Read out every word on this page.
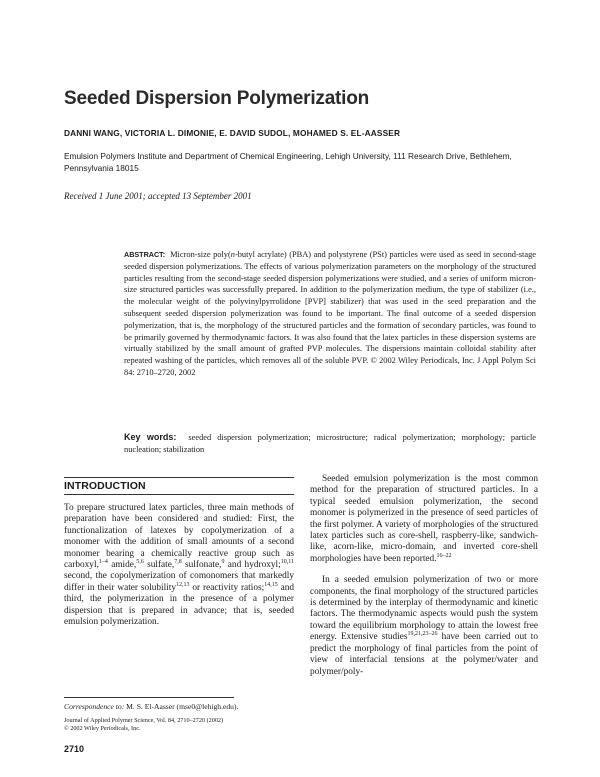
Seeded Dispersion Polymerization
DANNI WANG, VICTORIA L. DIMONIE, E. DAVID SUDOL, MOHAMED S. EL-AASSER
Emulsion Polymers Institute and Department of Chemical Engineering, Lehigh University, 111 Research Drive, Bethlehem, Pennsylvania 18015
Received 1 June 2001; accepted 13 September 2001
ABSTRACT: Micron-size poly(n-butyl acrylate) (PBA) and polystyrene (PSt) particles were used as seed in second-stage seeded dispersion polymerizations. The effects of various polymerization parameters on the morphology of the structured particles resulting from the second-stage seeded dispersion polymerizations were studied, and a series of uniform micron-size structured particles was successfully prepared. In addition to the polymerization medium, the type of stabilizer (i.e., the molecular weight of the polyvinylpyrrolidone [PVP] stabilizer) that was used in the seed preparation and the subsequent seeded dispersion polymerization was found to be important. The final outcome of a seeded dispersion polymerization, that is, the morphology of the structured particles and the formation of secondary particles, was found to be primarily governed by thermodynamic factors. It was also found that the latex particles in these dispersion systems are virtually stabilized by the small amount of grafted PVP molecules. The dispersions maintain colloidal stability after repeated washing of the particles, which removes all of the soluble PVP. © 2002 Wiley Periodicals, Inc. J Appl Polym Sci 84: 2710–2720, 2002
Key words: seeded dispersion polymerization; microstructure; radical polymerization; morphology; particle nucleation; stabilization
INTRODUCTION

To prepare structured latex particles, three main methods of preparation have been considered and studied: First, the functionalization of latexes by copolymerization of a monomer with the addition of small amounts of a second monomer bearing a chemically reactive group such as carboxyl,$^{1-4}$ amide,$^{5,6}$ sulfate,$^{7,8}$ sulfonate,$^9$ and hydroxyl;$^{10,11}$ second, the copolymerization of comonomers that markedly differ in their water solubility$^{12,13}$ or reactivity ratios;$^{14,15}$ and third, the polymerization in the presence of a polymer dispersion that is prepared in advance; that is, seeded emulsion polymerization.

Seeded emulsion polymerization is the most common method for the preparation of structured particles. In a typical seeded emulsion polymerization, the second monomer is polymerized in the presence of seed particles of the first polymer. A variety of morphologies of the structured latex particles such as core-shell, raspberry-like, sandwich-like, acorn-like, micro-domain, and inverted core-shell morphologies have been reported.$^{16-22}$

In a seeded emulsion polymerization of two or more components, the final morphology of the structured particles is determined by the interplay of thermodynamic and kinetic factors. The thermodynamic aspects would push the system toward the equilibrium morphology to attain the lowest free energy. Extensive studies$^{19,21,23-26}$ have been carried out to predict the morphology of final particles from the point of view of interfacial tensions at the polymer/water and polymer/poly-

Correspondence to: M. S. El-Aasser (mse0@lehigh.edu).
Journal of Applied Polymer Science, Vol. 84, 2710–2720 (2002)
© 2002 Wiley Periodicals, Inc.
2710
